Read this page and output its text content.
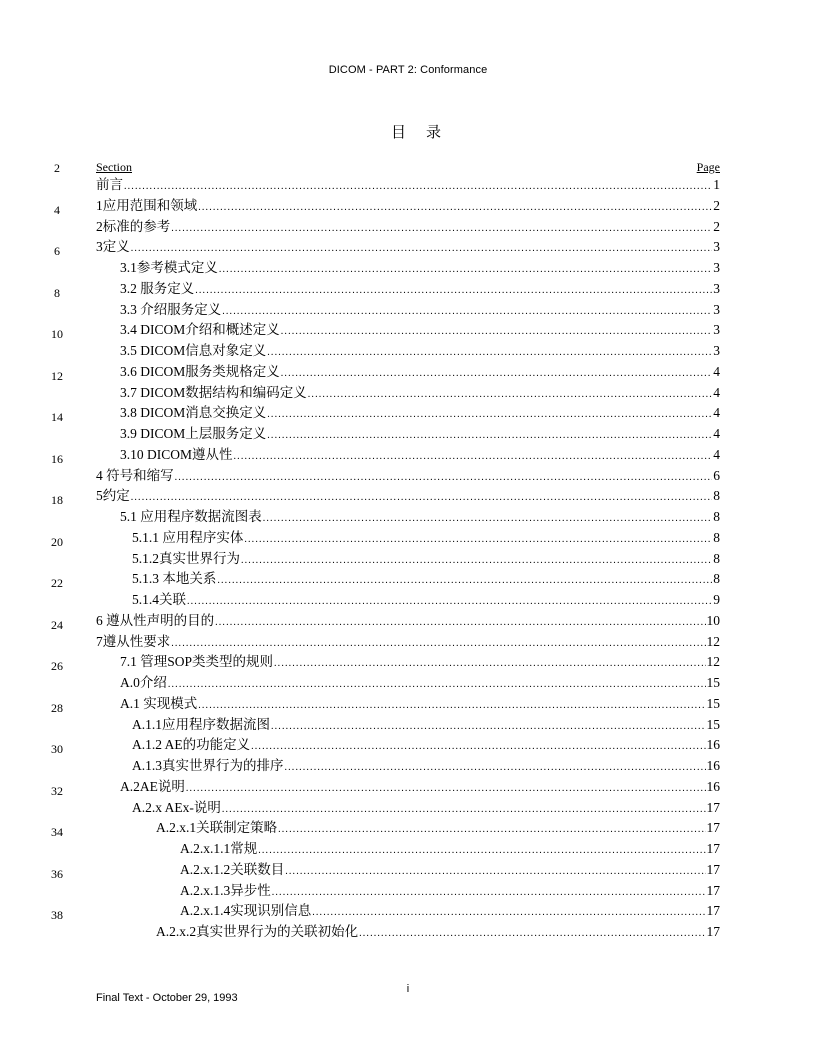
DICOM - PART 2: Conformance
目 录
2
4
6
8
10
12
14
16
18
20
22
24
26
28
30
32
34
36
38
Section	Page
前言 .....	1
1应用范围和领域 .....	2
2标准的参考 .....	2
3定义 .....	3
3.1参考模式定义 .....	3
3.2 服务定义 .....	3
3.3 介绍服务定义 .....	3
3.4 DICOM介绍和概述定义 .....	3
3.5 DICOM信息对象定义 .....	3
3.6 DICOM服务类规格定义 .....	4
3.7 DICOM数据结构和编码定义 .....	4
3.8 DICOM消息交换定义 .....	4
3.9 DICOM上层服务定义 .....	4
3.10 DICOM遵从性 .....	4
4 符号和缩写 .....	6
5约定 .....	8
5.1 应用程序数据流图表 .....	8
5.1.1 应用程序实体 .....	8
5.1.2真实世界行为 .....	8
5.1.3 本地关系 .....	8
5.1.4关联 .....	9
6 遵从性声明的目的 .....	10
7遵从性要求 .....	12
7.1 管理SOP类类型的规则 .....	12
A.0介绍 .....	15
A.1 实现模式 .....	15
A.1.1应用程序数据流图 .....	15
A.1.2 AE的功能定义 .....	16
A.1.3真实世界行为的排序 .....	16
A.2AE说明 .....	16
A.2.x AEx-说明 .....	17
A.2.x.1关联制定策略 .....	17
A.2.x.1.1常规 .....	17
A.2.x.1.2关联数目 .....	17
A.2.x.1.3异步性 .....	17
A.2.x.1.4实现识别信息 .....	17
A.2.x.2真实世界行为的关联初始化 .....	17
i
Final Text - October 29, 1993
